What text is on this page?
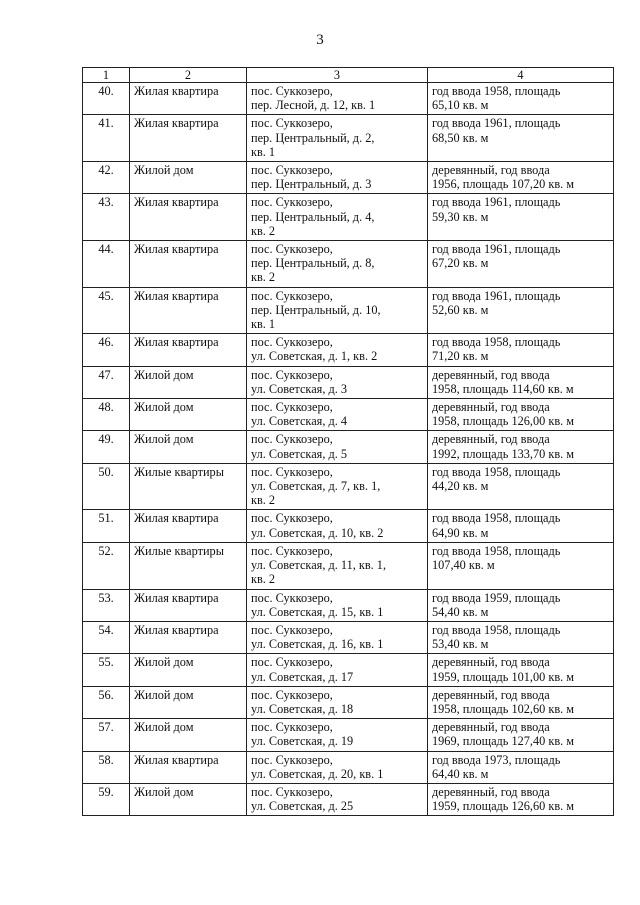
3
1	2	3	4
40.	Жилая квартира	пос. Суккозеро,
пер. Лесной, д. 12, кв. 1	год ввода 1958, площадь
65,10 кв. м

41.	Жилая квартира	пос. Суккозеро,
пер. Центральный, д. 2,
кв. 1	год ввода 1961, площадь
68,50 кв. м

42.	Жилой дом	пос. Суккозеро,
пер. Центральный, д. 3	деревянный, год ввода
1956, площадь 107,20 кв. м

43.	Жилая квартира	пос. Суккозеро,
пер. Центральный, д. 4,
кв. 2	год ввода 1961, площадь
59,30 кв. м

44.	Жилая квартира	пос. Суккозеро,
пер. Центральный, д. 8,
кв. 2	год ввода 1961, площадь
67,20 кв. м

45.	Жилая квартира	пос. Суккозеро,
пер. Центральный, д. 10,
кв. 1	год ввода 1961, площадь
52,60 кв. м

46.	Жилая квартира	пос. Суккозеро,
ул. Советская, д. 1, кв. 2	год ввода 1958, площадь
71,20 кв. м

47.	Жилой дом	пос. Суккозеро,
ул. Советская, д. 3	деревянный, год ввода
1958, площадь 114,60 кв. м

48.	Жилой дом	пос. Суккозеро,
ул. Советская, д. 4	деревянный, год ввода
1958, площадь 126,00 кв. м

49.	Жилой дом	пос. Суккозеро,
ул. Советская, д. 5	деревянный, год ввода
1992, площадь 133,70 кв. м

50.	Жилые квартиры	пос. Суккозеро,
ул. Советская, д. 7, кв. 1,
кв. 2	год ввода 1958, площадь
44,20 кв. м

51.	Жилая квартира	пос. Суккозеро,
ул. Советская, д. 10, кв. 2	год ввода 1958, площадь
64,90 кв. м

52.	Жилые квартиры	пос. Суккозеро,
ул. Советская, д. 11, кв. 1,
кв. 2	год ввода 1958, площадь
107,40 кв. м

53.	Жилая квартира	пос. Суккозеро,
ул. Советская, д. 15, кв. 1	год ввода 1959, площадь
54,40 кв. м

54.	Жилая квартира	пос. Суккозеро,
ул. Советская, д. 16, кв. 1	год ввода 1958, площадь
53,40 кв. м

55.	Жилой дом	пос. Суккозеро,
ул. Советская, д. 17	деревянный, год ввода
1959, площадь 101,00 кв. м

56.	Жилой дом	пос. Суккозеро,
ул. Советская, д. 18	деревянный, год ввода
1958, площадь 102,60 кв. м

57.	Жилой дом	пос. Суккозеро,
ул. Советская, д. 19	деревянный, год ввода
1969, площадь 127,40 кв. м

58.	Жилая квартира	пос. Суккозеро,
ул. Советская, д. 20, кв. 1	год ввода 1973, площадь
64,40 кв. м

59.	Жилой дом	пос. Суккозеро,
ул. Советская, д. 25	деревянный, год ввода
1959, площадь 126,60 кв. м
